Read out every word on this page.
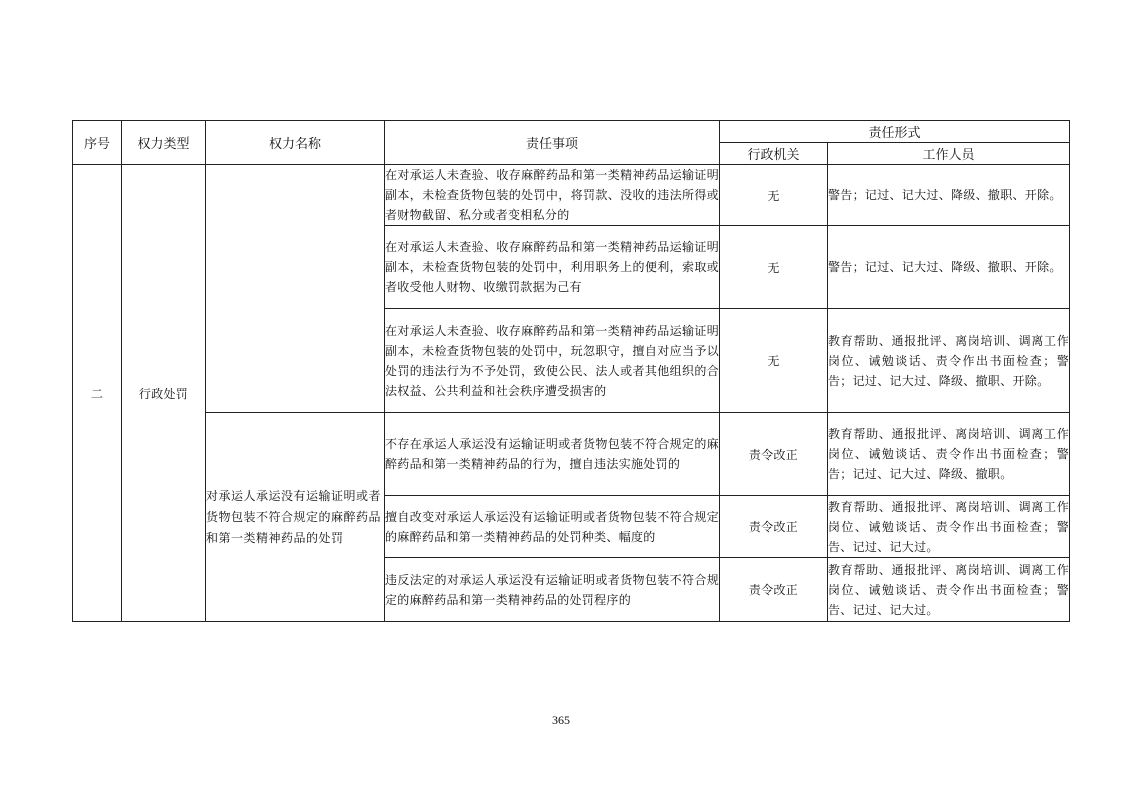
序号	权力类型	权力名称	责任事项	责任形式	
				行政机关	工作人员
二	行政处罚		在对承运人未查验、收存麻醉药品和第一类精神药品运输证明副本，未检查货物包装的处罚中，将罚款、没收的违法所得或者财物截留、私分或者变相私分的	无	警告；记过、记大过、降级、撤职、开除。
			在对承运人未查验、收存麻醉药品和第一类精神药品运输证明副本，未检查货物包装的处罚中，利用职务上的便利，索取或者收受他人财物、收缴罚款据为己有	无	警告；记过、记大过、降级、撤职、开除。
			在对承运人未查验、收存麻醉药品和第一类精神药品运输证明副本，未检查货物包装的处罚中，玩忽职守，擅自对应当予以处罚的违法行为不予处罚，致使公民、法人或者其他组织的合法权益、公共利益和社会秩序遭受损害的	无	教育帮助、通报批评、离岗培训、调离工作岗位、诫勉谈话、责令作出书面检查；警告；记过、记大过、降级、撤职、开除。
		对承运人承运没有运输证明或者货物包装不符合规定的麻醉药品和第一类精神药品的处罚	不存在承运人承运没有运输证明或者货物包装不符合规定的麻醉药品和第一类精神药品的行为，擅自违法实施处罚的	责令改正	教育帮助、通报批评、离岗培训、调离工作岗位、诫勉谈话、责令作出书面检查；警告；记过、记大过、降级、撤职。
			擅自改变对承运人承运没有运输证明或者货物包装不符合规定的麻醉药品和第一类精神药品的处罚种类、幅度的	责令改正	教育帮助、通报批评、离岗培训、调离工作岗位、诫勉谈话、责令作出书面检查；警告、记过、记大过。
			违反法定的对承运人承运没有运输证明或者货物包装不符合规定的麻醉药品和第一类精神药品的处罚程序的	责令改正	教育帮助、通报批评、离岗培训、调离工作岗位、诫勉谈话、责令作出书面检查；警告、记过、记大过。
365
